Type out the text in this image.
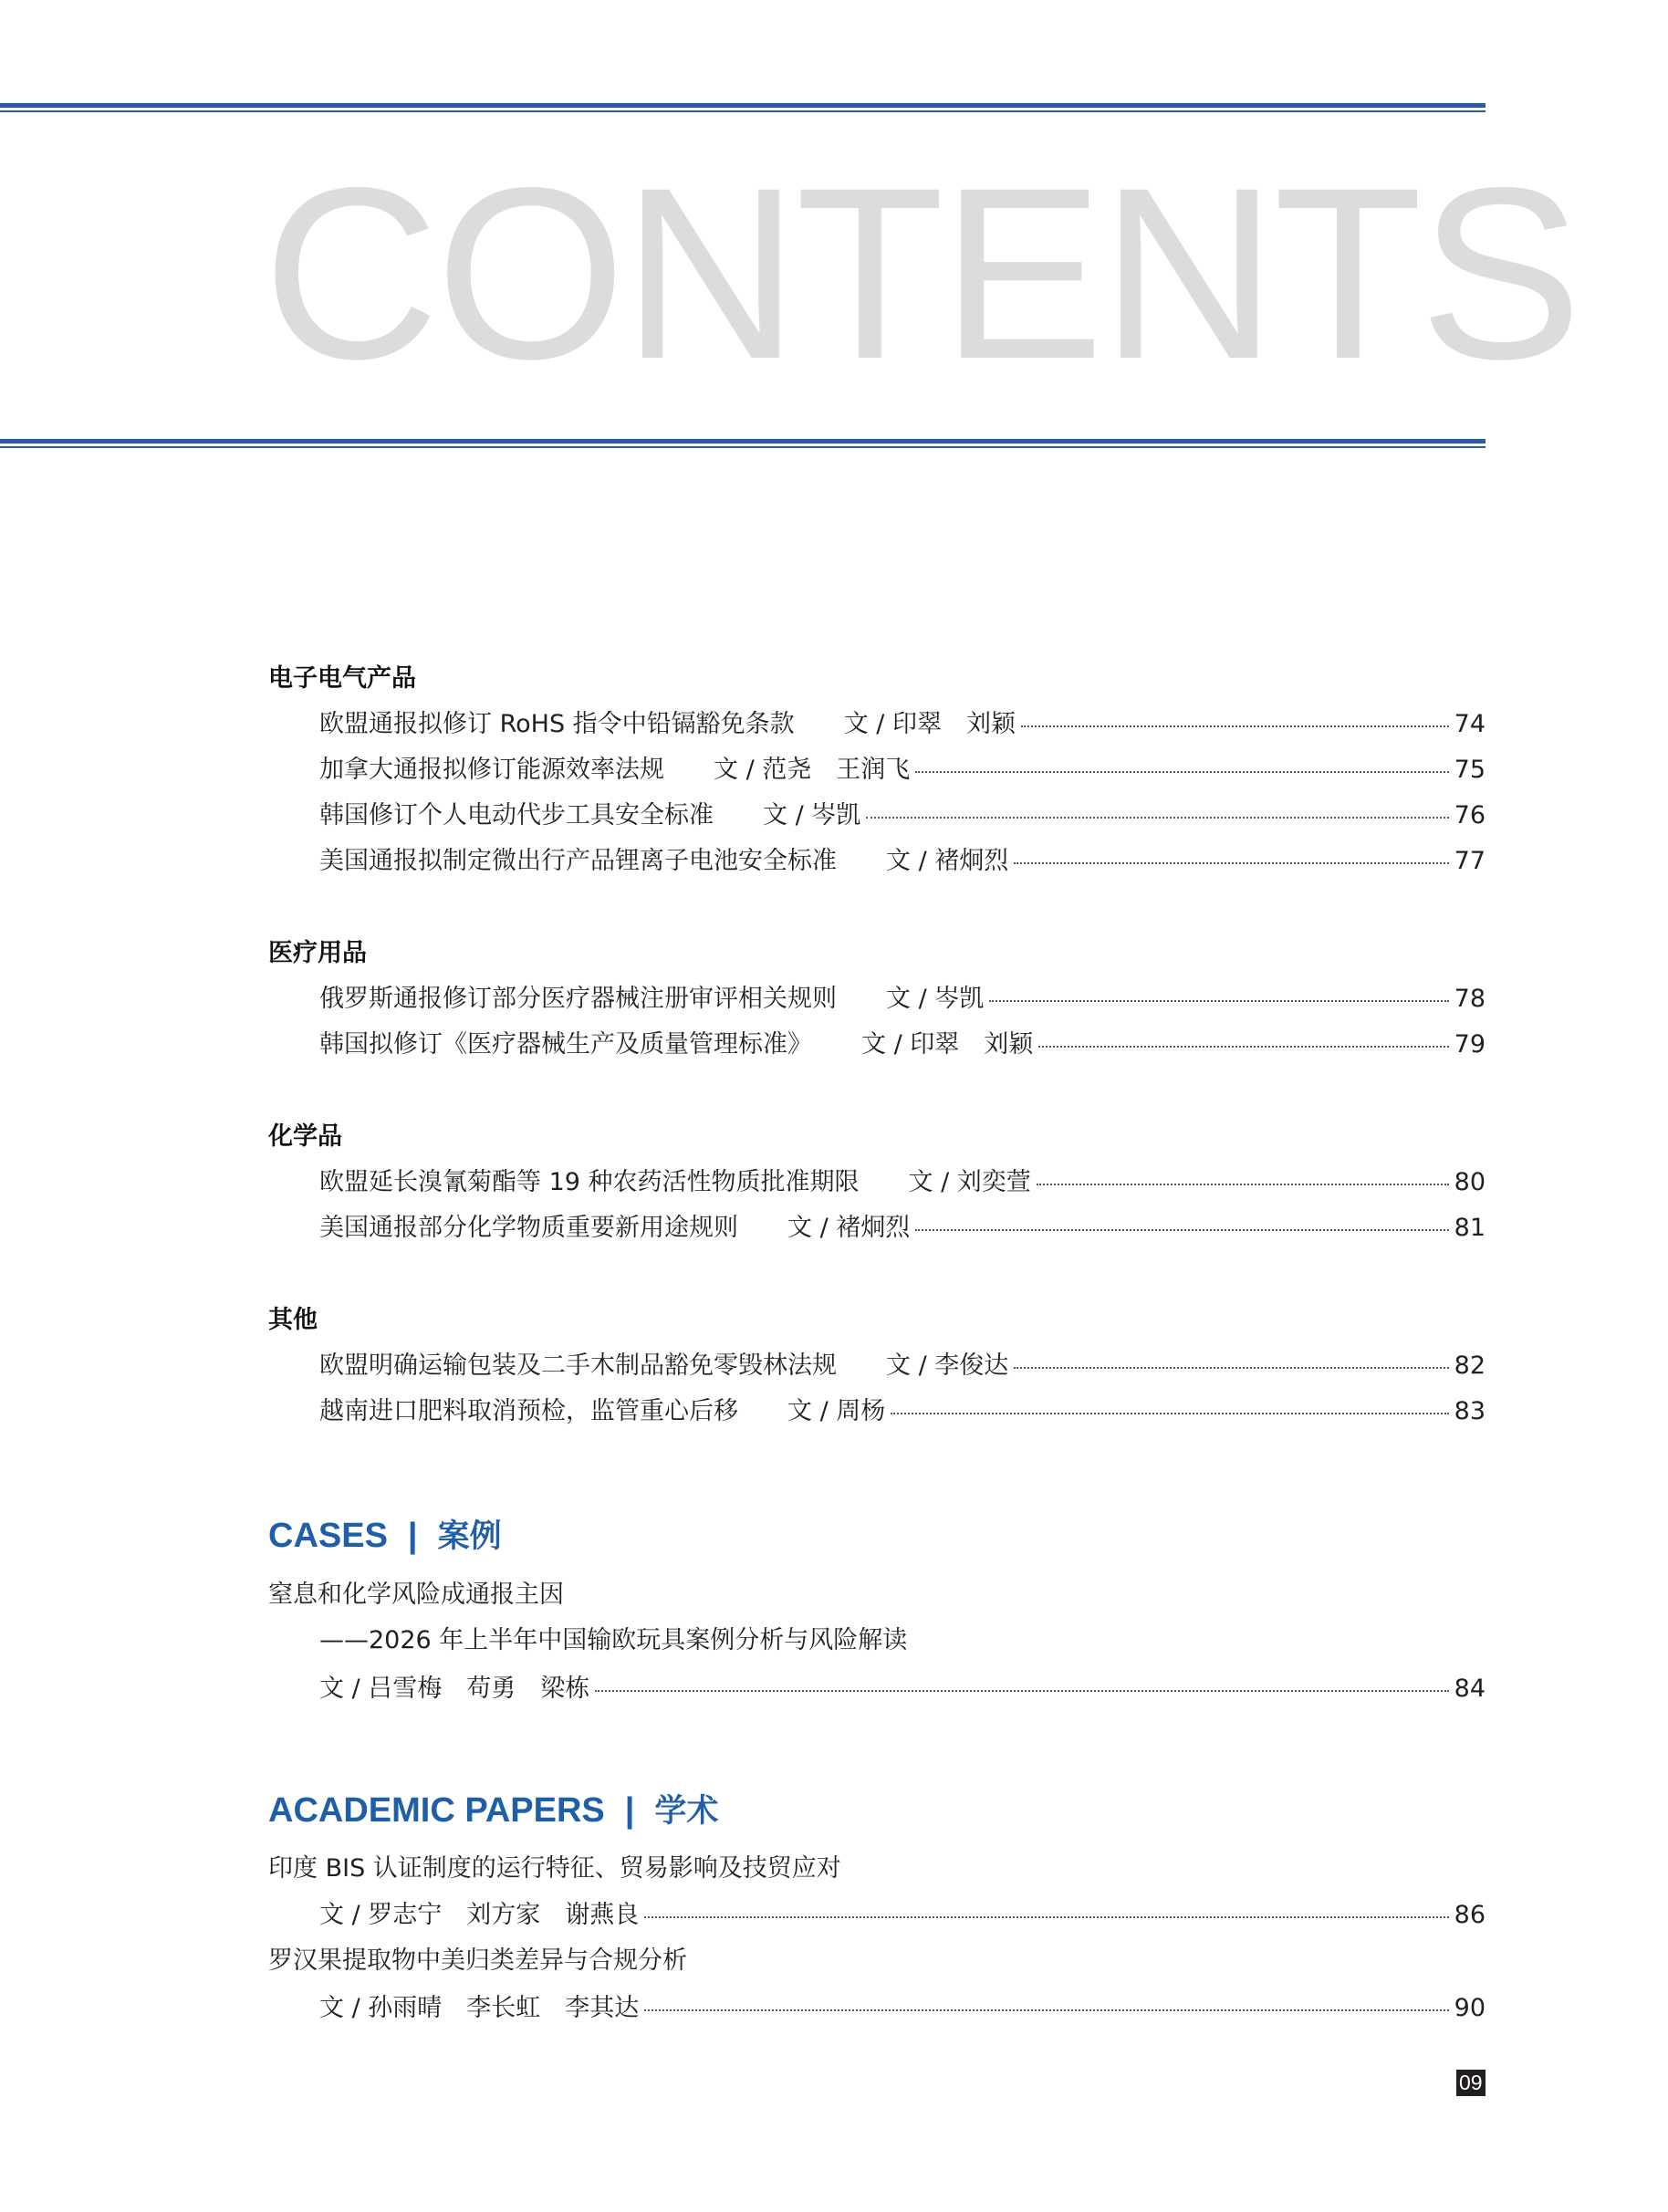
CONTENTS
电子电气产品
欧盟通报拟修订 RoHS 指令中铅镉豁免条款 文 / 印翠　刘颖	74
加拿大通报拟修订能源效率法规 文 / 范尧　王润飞	75
韩国修订个人电动代步工具安全标准 文 / 岑凯	76
美国通报拟制定微出行产品锂离子电池安全标准 文 / 褚炯烈	77
医疗用品
俄罗斯通报修订部分医疗器械注册审评相关规则 文 / 岑凯	78
韩国拟修订《医疗器械生产及质量管理标准》 文 / 印翠　刘颖	79
化学品
欧盟延长溴氰菊酯等 19 种农药活性物质批准期限 文 / 刘奕萱	80
美国通报部分化学物质重要新用途规则 文 / 褚炯烈	81
其他
欧盟明确运输包装及二手木制品豁免零毁林法规 文 / 李俊达	82
越南进口肥料取消预检，监管重心后移 文 / 周杨	83
CASES | 案例
窒息和化学风险成通报主因
——2026 年上半年中国输欧玩具案例分析与风险解读
文 / 吕雪梅　苟勇　梁栋	84
ACADEMIC PAPERS | 学术
印度 BIS 认证制度的运行特征、贸易影响及技贸应对
文 / 罗志宁　刘方家　谢燕良	86
罗汉果提取物中美归类差异与合规分析
文 / 孙雨晴　李长虹　李其达	90
09
